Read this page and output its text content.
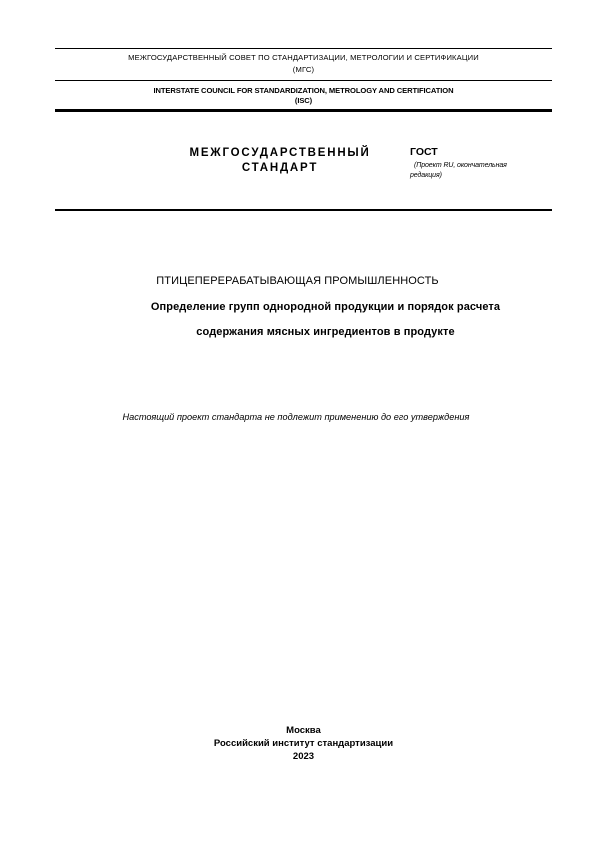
МЕЖГОСУДАРСТВЕННЫЙ СОВЕТ ПО СТАНДАРТИЗАЦИИ, МЕТРОЛОГИИ И СЕРТИФИКАЦИИ
(МГС)
INTERSTATE COUNCIL FOR STANDARDIZATION, METROLOGY AND CERTIFICATION
(ISC)
МЕЖГОСУДАРСТВЕННЫЙ
СТАНДАРТ
ГОСТ
(Проект RU, окончательная
редакция)
ПТИЦЕПЕРЕРАБАТЫВАЮЩАЯ ПРОМЫШЛЕННОСТЬ
Определение групп однородной продукции и порядок расчета
содержания мясных ингредиентов в продукте
Настоящий проект стандарта не подлежит применению до его утверждения
Москва
Российский институт стандартизации
2023
